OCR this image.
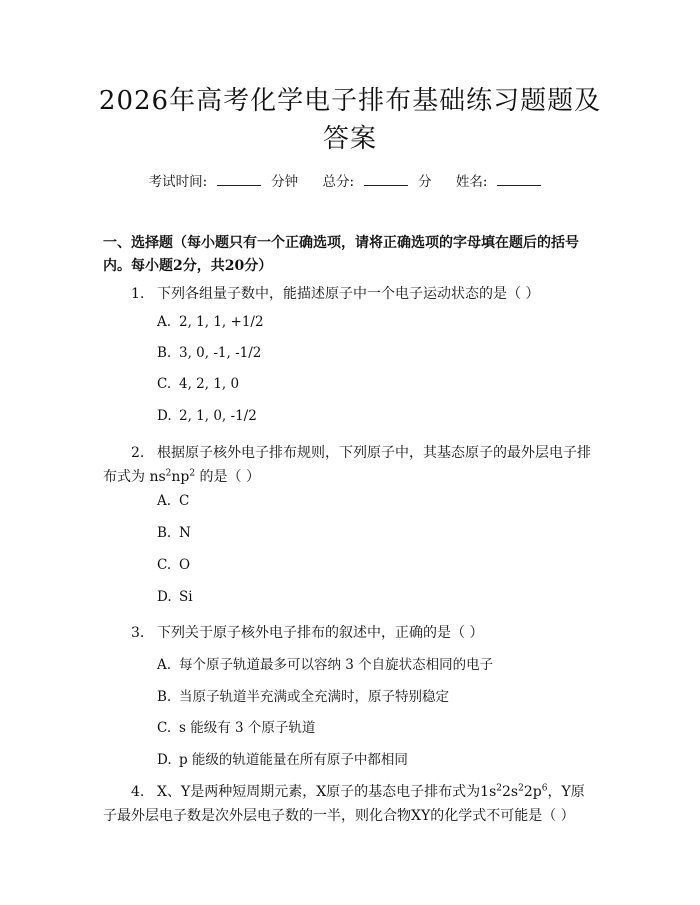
2026年高考化学电子排布基础练习题题及答案
考试时间:	分钟 总分:	分 姓名:
一、选择题（每小题只有一个正确选项，请将正确选项的字母填在题后的括号内。每小题2分，共20分）
1. 下列各组量子数中，能描述原子中一个电子运动状态的是（ ）
A. 2, 1, 1, +1/2
B. 3, 0, -1, -1/2
C. 4, 2, 1, 0
D. 2, 1, 0, -1/2
2. 根据原子核外电子排布规则，下列原子中，其基态原子的最外层电子排布式为 $ns^2np^2$ 的是（ ）
A. C
B. N
C. O
D. Si
3. 下列关于原子核外电子排布的叙述中，正确的是（ ）
A. 每个原子轨道最多可以容纳 3 个自旋状态相同的电子
B. 当原子轨道半充满或全充满时，原子特别稳定
C. s 能级有 3 个原子轨道
D. p 能级的轨道能量在所有原子中都相同
4. X、Y是两种短周期元素，X原子的基态电子排布式为$1s^22s^22p^6$，Y原子最外层电子数是次外层电子数的一半，则化合物XY的化学式不可能是（ ）
